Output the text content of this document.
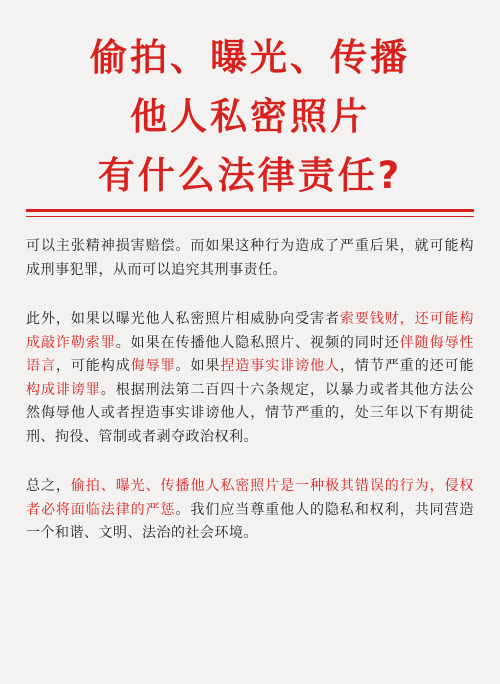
偷拍、曝光、传播
他人私密照片
有什么法律责任?

可以主张精神损害赔偿。而如果这种行为造成了严重后果，就可能构成刑事犯罪，从而可以追究其刑事责任。

此外，如果以曝光他人私密照片相威胁向受害者索要钱财，还可能构成敲诈勒索罪。如果在传播他人隐私照片、视频的同时还伴随侮辱性语言，可能构成侮辱罪。如果捏造事实诽谤他人，情节严重的还可能构成诽谤罪。根据刑法第二百四十六条规定，以暴力或者其他方法公然侮辱他人或者捏造事实诽谤他人，情节严重的，处三年以下有期徒刑、拘役、管制或者剥夺政治权利。

总之，偷拍、曝光、传播他人私密照片是一种极其错误的行为，侵权者必将面临法律的严惩。我们应当尊重他人的隐私和权利，共同营造一个和谐、文明、法治的社会环境。
